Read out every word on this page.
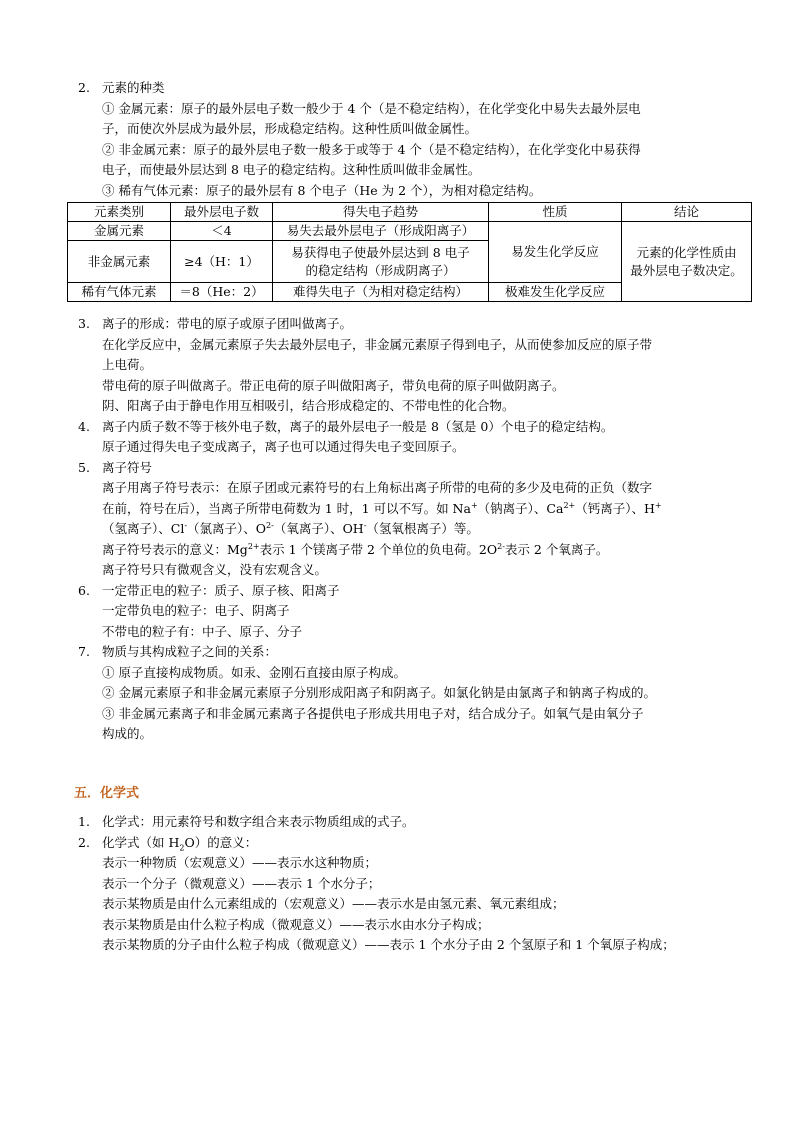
2. 元素的种类

① 金属元素：原子的最外层电子数一般少于 4 个（是不稳定结构），在化学变化中易失去最外层电

子，而使次外层成为最外层，形成稳定结构。这种性质叫做金属性。

② 非金属元素：原子的最外层电子数一般多于或等于 4 个（是不稳定结构），在化学变化中易获得

电子，而使最外层达到 8 电子的稳定结构。这种性质叫做非金属性。

③ 稀有气体元素：原子的最外层有 8 个电子（He 为 2 个），为相对稳定结构。

元素类别	最外层电子数	得失电子趋势	性质	结论
金属元素	＜4	易失去最外层电子（形成阳离子）	易发生化学反应	元素的化学性质由
最外层电子数决定。

非金属元素	≥4（H：1）	易获得电子使最外层达到 8 电子
的稳定结构（形成阴离子）		

稀有气体元素	＝8（He：2）	难得失电子（为相对稳定结构）	极难发生化学反应	
3. 离子的形成：带电的原子或原子团叫做离子。

在化学反应中，金属元素原子失去最外层电子，非金属元素原子得到电子，从而使参加反应的原子带

上电荷。

带电荷的原子叫做离子。带正电荷的原子叫做阳离子，带负电荷的原子叫做阴离子。

阴、阳离子由于静电作用互相吸引，结合形成稳定的、不带电性的化合物。

4. 离子内质子数不等于核外电子数，离子的最外层电子一般是 8（氢是 0）个电子的稳定结构。

原子通过得失电子变成离子，离子也可以通过得失电子变回原子。

5. 离子符号

离子用离子符号表示：在原子团或元素符号的右上角标出离子所带的电荷的多少及电荷的正负（数字

在前，符号在后），当离子所带电荷数为 1 时，1 可以不写。如 Na+（钠离子）、$Ca^{2+}$（钙离子）、H+

（氢离子）、Cl-（氯离子）、$O^{2-}$（氧离子）、OH-（氢氧根离子）等。

离子符号表示的意义：$Mg^{2+}$表示 1 个镁离子带 2 个单位的负电荷。$2O^{2-}$表示 2 个氧离子。

离子符号只有微观含义，没有宏观含义。

6. 一定带正电的粒子：质子、原子核、阳离子

一定带负电的粒子：电子、阴离子

不带电的粒子有：中子、原子、分子

7. 物质与其构成粒子之间的关系：

① 原子直接构成物质。如汞、金刚石直接由原子构成。

② 金属元素原子和非金属元素原子分别形成阳离子和阴离子。如氯化钠是由氯离子和钠离子构成的。

③ 非金属元素离子和非金属元素离子各提供电子形成共用电子对，结合成分子。如氧气是由氧分子

构成的。

五．化学式
1. 化学式：用元素符号和数字组合来表示物质组成的式子。

2. 化学式（如 $H_2O$）的意义：

表示一种物质（宏观意义）——表示水这种物质；

表示一个分子（微观意义）——表示 1 个水分子；

表示某物质是由什么元素组成的（宏观意义）——表示水是由氢元素、氧元素组成；

表示某物质是由什么粒子构成（微观意义）——表示水由水分子构成；

表示某物质的分子由什么粒子构成（微观意义）——表示 1 个水分子由 2 个氢原子和 1 个氧原子构成；
